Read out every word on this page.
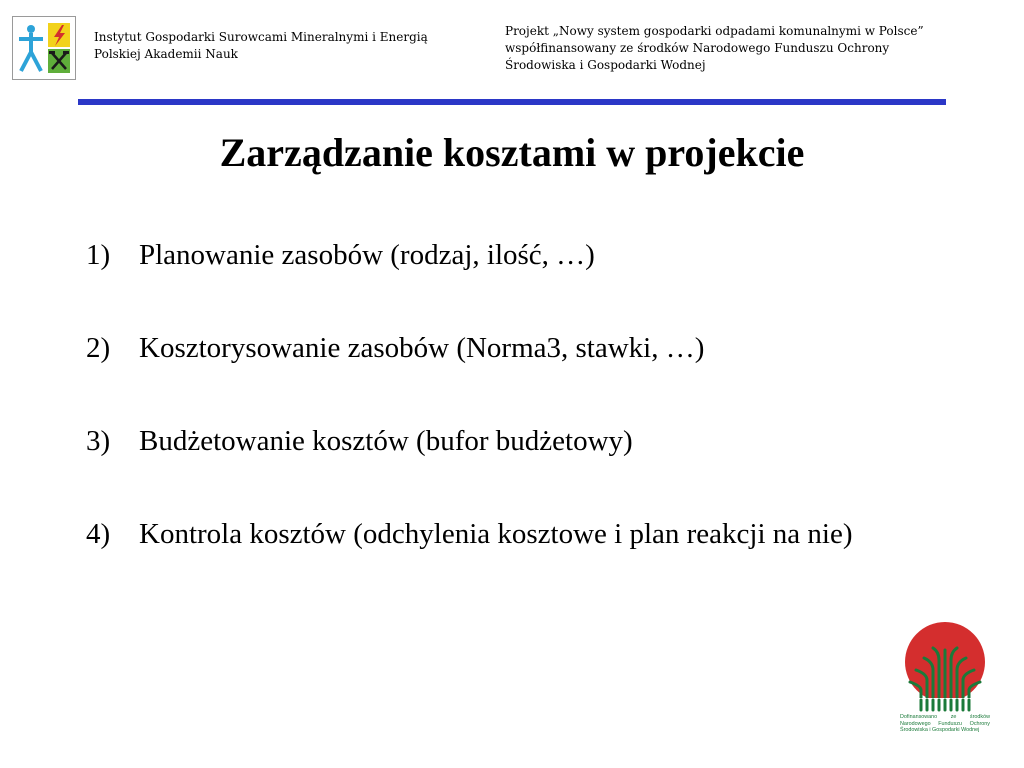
Instytut Gospodarki Surowcami Mineralnymi i Energią
Polskiej Akademii Nauk
Projekt „Nowy system gospodarki odpadami komunalnymi w Polsce”
współfinansowany ze środków Narodowego Funduszu Ochrony
Środowiska i Gospodarki Wodnej
Zarządzanie kosztami w projekcie
1) Planowanie zasobów (rodzaj, ilość, …)
2) Kosztorysowanie zasobów (Norma3, stawki, …)
3) Budżetowanie kosztów (bufor budżetowy)
4) Kontrola kosztów (odchylenia kosztowe i plan reakcji na nie)
Dofinansowano ze środków Narodowego Funduszu Ochrony Środowiska i Gospodarki Wodnej
